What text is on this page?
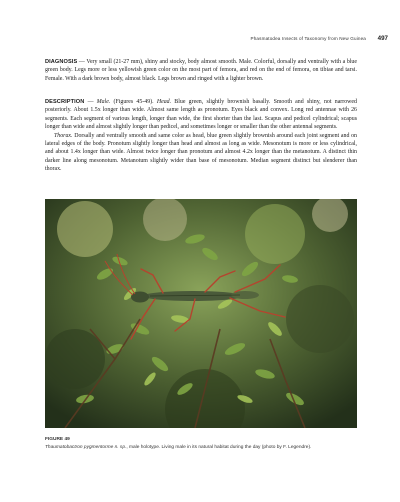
Phasmatodea Insects of Taxonomy from New Guinea 497

DIAGNOSIS — Very small (21-27 mm), shiny and stocky, body almost smooth. Male. Colorful, dorsally and ventrally with a blue green body. Legs more or less yellowish green color on the most part of femora, and red on the end of femora, on tibiae and tarsi. Female. With a dark brown body, almost black. Legs brown and ringed with a lighter brown.

DESCRIPTION — Male. (Figures 45-49). Head. Blue green, slightly brownish basally. Smooth and shiny, not narrowed posteriorly. About 1.5x longer than wide. Almost same length as pronotum. Eyes black and convex. Long red antennae with 26 segments. Each segment of various length, longer than wide, the first shorter than the last. Scapus and pedicel cylindrical; scapus longer than wide and almost slightly longer than pedicel, and sometimes longer or smaller than the other antennal segments.

Thorax. Dorsally and ventrally smooth and same color as head, blue green slightly brownish around each joint segment and on lateral edges of the body. Pronotum slightly longer than head and almost as long as wide. Mesonotum is more or less cylindrical, and about 1.4x longer than wide. Almost twice longer than pronotum and almost 4.2x longer than the metanotum. A distinct thin darker line along mesonotum. Metanotum slightly wider than base of mesonotum. Median segment distinct but slenderer than thorax.

FIGURE 49
Thaumatobactron pygmentorme n. sp., male holotype. Living male in its natural habitat during the day (photo by F. Legendre).
